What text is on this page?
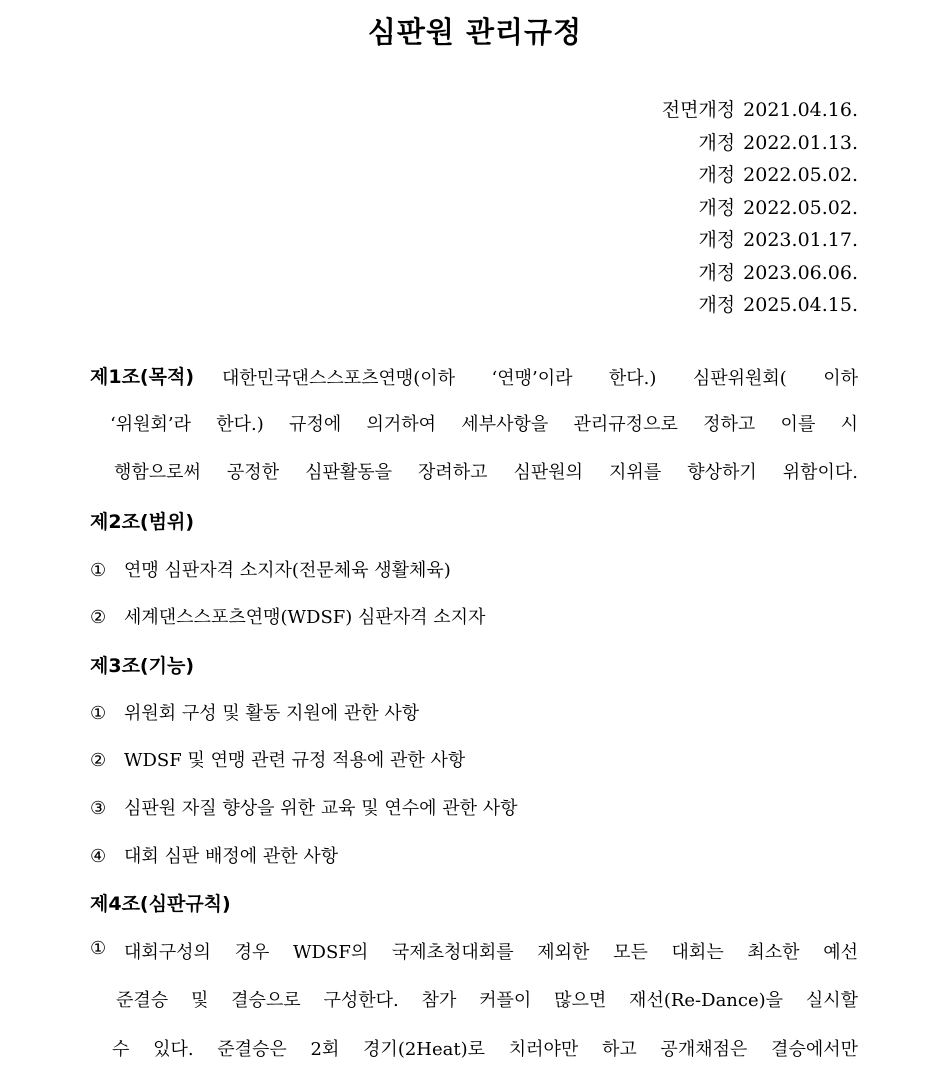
심판원 관리규정
전면개정 2021.04.16.
개정 2022.01.13.
개정 2022.05.02.
개정 2022.05.02.
개정 2023.01.17.
개정 2023.06.06.
개정 2025.04.15.
제1조(목적) 대한민국댄스스포츠연맹(이하 ‘연맹’이라 한다.) 심판위원회( 이하
‘위원회’라 한다.) 규정에 의거하여 세부사항을 관리규정으로 정하고 이를 시
행함으로써 공정한 심판활동을 장려하고 심판원의 지위를 향상하기 위함이다.
제2조(범위)
① 연맹 심판자격 소지자(전문체육 생활체육)
② 세계댄스스포츠연맹(WDSF) 심판자격 소지자
제3조(기능)
① 위원회 구성 및 활동 지원에 관한 사항
② WDSF 및 연맹 관련 규정 적용에 관한 사항
③ 심판원 자질 향상을 위한 교육 및 연수에 관한 사항
④ 대회 심판 배정에 관한 사항
제4조(심판규칙)
① 대회구성의 경우 WDSF의 국제초청대회를 제외한 모든 대회는 최소한 예선
준결승 및 결승으로 구성한다. 참가 커플이 많으면 재선(Re-Dance)을 실시할
수 있다. 준결승은 2회 경기(2Heat)로 치러야만 하고 공개채점은 결승에서만
